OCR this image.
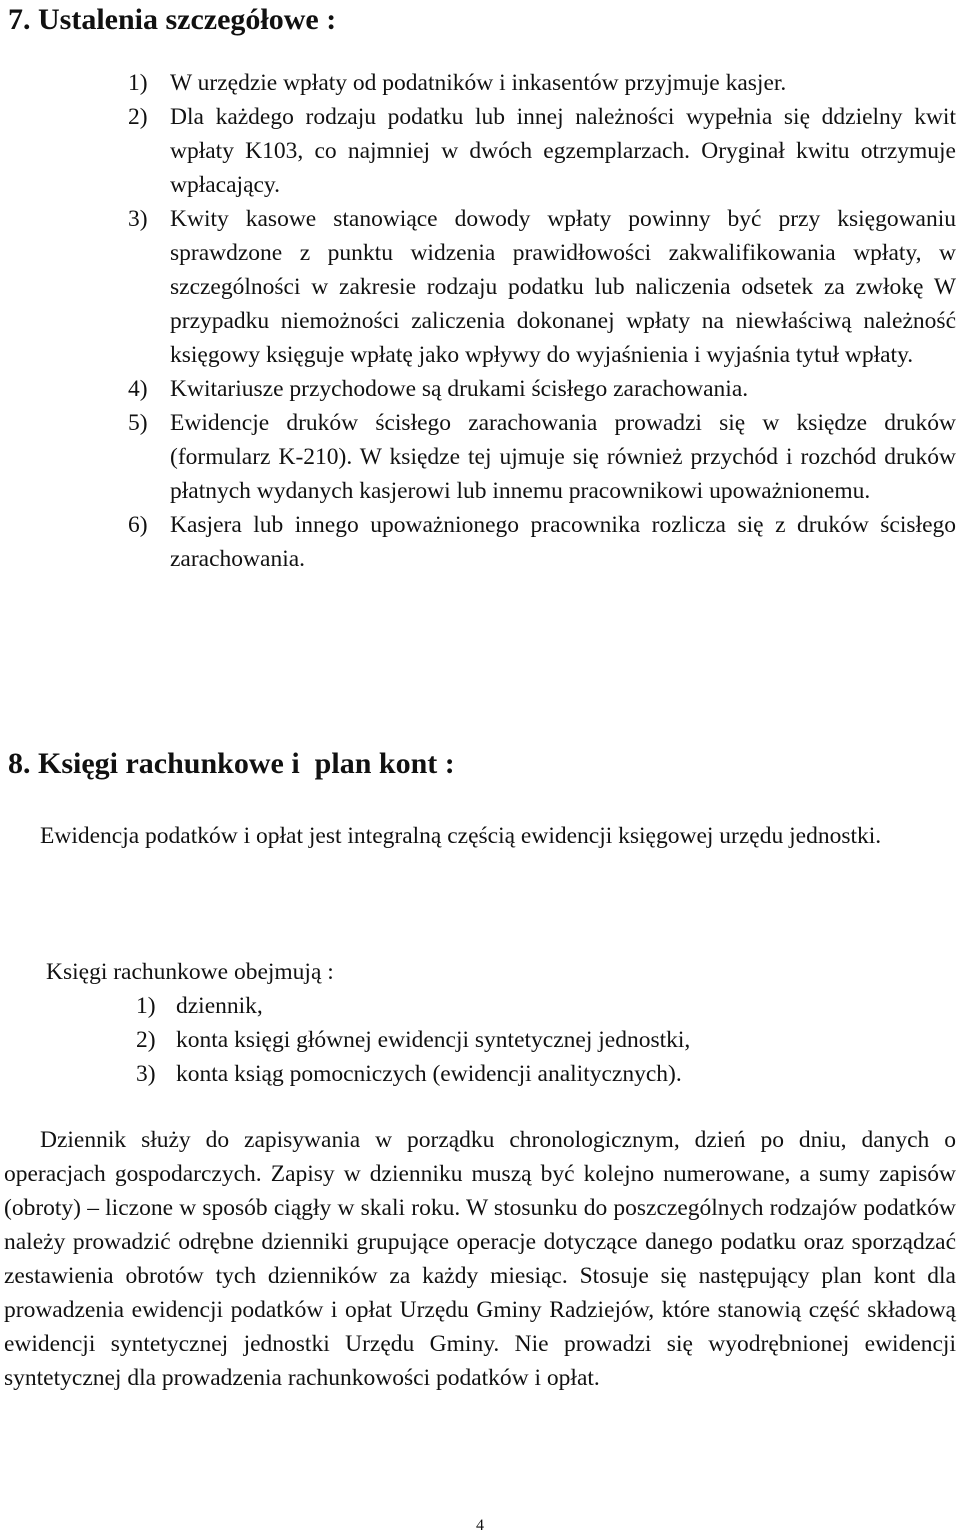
7. Ustalenia szczegółowe :
1) W urzędzie wpłaty od podatników i inkasentów przyjmuje kasjer.
2) Dla każdego rodzaju podatku lub innej należności wypełnia się ddzielny kwit wpłaty K103, co najmniej w dwóch egzemplarzach. Oryginał kwitu otrzymuje wpłacający.
3) Kwity kasowe stanowiące dowody wpłaty powinny być przy księgowaniu sprawdzone z punktu widzenia prawidłowości zakwalifikowania wpłaty, w szczególności w zakresie rodzaju podatku lub naliczenia odsetek za zwłokę W przypadku niemożności zaliczenia dokonanej wpłaty na niewłaściwą należność księgowy księguje wpłatę jako wpływy do wyjaśnienia i wyjaśnia tytuł wpłaty.
4) Kwitariusze przychodowe są drukami ścisłego zarachowania.
5) Ewidencje druków ścisłego zarachowania prowadzi się w księdze druków (formularz K-210). W księdze tej ujmuje się również przychód i rozchód druków płatnych wydanych kasjerowi lub innemu pracownikowi upoważnionemu.
6) Kasjera lub innego upoważnionego pracownika rozlicza się z druków ścisłego zarachowania.
8. Księgi rachunkowe i  plan kont :

Ewidencja podatków i opłat jest integralną częścią ewidencji księgowej urzędu jednostki.

Księgi rachunkowe obejmują :

1) dziennik,
2) konta księgi głównej ewidencji syntetycznej jednostki,
3) konta ksiąg pomocniczych (ewidencji analitycznych).

Dziennik służy do zapisywania w porządku chronologicznym, dzień po dniu, danych o operacjach gospodarczych. Zapisy w dzienniku muszą być kolejno numerowane, a sumy zapisów (obroty) – liczone w sposób ciągły w skali roku. W stosunku do poszczególnych rodzajów podatków należy prowadzić odrębne dzienniki grupujące operacje dotyczące danego podatku oraz sporządzać zestawienia obrotów tych dzienników za każdy miesiąc. Stosuje się następujący plan kont dla prowadzenia ewidencji podatków i opłat Urzędu Gminy Radziejów, które stanowią część składową ewidencji syntetycznej jednostki Urzędu Gminy. Nie prowadzi się wyodrębnionej ewidencji syntetycznej dla prowadzenia rachunkowości podatków i opłat.

4
